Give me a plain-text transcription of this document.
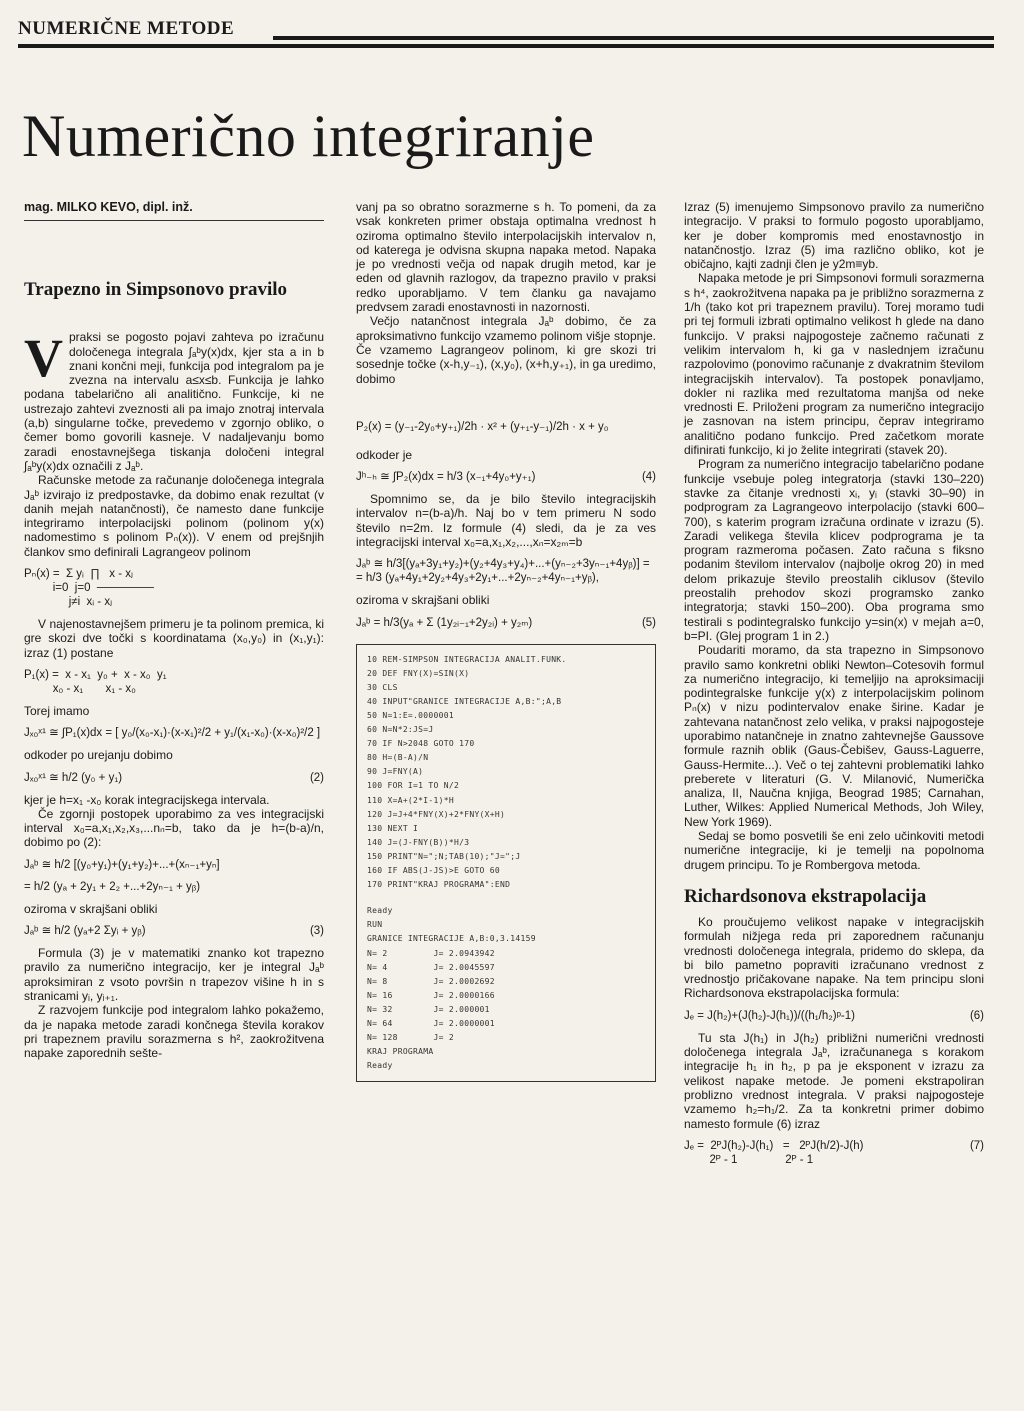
NUMERIČNE METODE
Numerično integriranje
mag. MILKO KEVO, dipl. inž.
Trapezno in Simpsonovo pravilo

Vpraksi se pogosto pojavi zahteva po izračunu določenega integrala ∫ₐᵇy(x)dx, kjer sta a in b znani končni meji, funkcija pod integralom pa je zvezna na intervalu a≤x≤b. Funkcija je lahko podana tabelarično ali analitično. Funkcije, ki ne ustrezajo zahtevi zveznosti ali pa imajo znotraj intervala (a,b) singularne točke, prevedemo v zgornjo obliko, o čemer bomo govorili kasneje. V nadaljevanju bomo zaradi enostavnejšega tiskanja določeni integral ∫ₐᵇy(x)dx označili z Jₐᵇ.

Računske metode za računanje določenega integrala Jₐᵇ izvirajo iz predpostavke, da dobimo enak rezultat (v danih mejah natančnosti), če namesto dane funkcije integriramo interpolacijski polinom (polinom y(x) nadomestimo s polinom Pₙ(x)). V enem od prejšnjih člankov smo definirali Lagrangeov polinom

Pₙ(x) =  Σ yᵢ  ∏   x - xⱼ
i=0  j=0  ───────
j≠i  xᵢ - xⱼ

V najenostavnejšem primeru je ta polinom premica, ki gre skozi dve točki s koordinatama (x₀,y₀) in (x₁,y₁): izraz (1) postane

P₁(x) =  x - x₁  y₀ +  x - x₀  y₁
x₀ - x₁       x₁ - x₀

Torej imamo

Jₓ₀ˣ¹ ≅ ∫P₁(x)dx = [ y₀/(x₀-x₁)·(x-x₁)²/2 + y₁/(x₁-x₀)·(x-x₀)²/2 ]

odkoder po urejanju dobimo

(2)
Jₓ₀ˣ¹ ≅ h/2 (y₀ + y₁)

kjer je h=x₁ -x₀ korak integracijskega intervala.

Če zgornji postopek uporabimo za ves integracijski interval x₀=a,x₁,x₂,x₃,...nₙ=b, tako da je h=(b-a)/n, dobimo po (2):

Jₐᵇ ≅ h/2 [(y₀+y₁)+(y₁+y₂)+...+(xₙ₋₁+yₙ]
= h/2 (yₐ + 2y₁ + 2₂ +...+2yₙ₋₁ + yᵦ)

oziroma v skrajšani obliki

(3)
Jₐᵇ ≅ h/2 (yₐ+2 Σyᵢ + yᵦ)

Formula (3) je v matematiki znanko kot trapezno pravilo za numerično integracijo, ker je integral Jₐᵇ aproksimiran z vsoto površin n trapezov višine h in s stranicami yᵢ, yᵢ₊₁.

Z razvojem funkcije pod integralom lahko pokažemo, da je napaka metode zaradi končnega števila korakov pri trapeznem pravilu sorazmerna s h², zaokrožitvena napake zaporednih sešte-

vanj pa so obratno sorazmerne s h. To pomeni, da za vsak konkreten primer obstaja optimalna vrednost h oziroma optimalno število interpolacijskih intervalov n, od katerega je odvisna skupna napaka metod. Napaka je po vrednosti večja od napak drugih metod, kar je eden od glavnih razlogov, da trapezno pravilo v praksi redko uporabljamo. V tem članku ga navajamo predvsem zaradi enostavnosti in nazornosti.

Večjo natančnost integrala Jₐᵇ dobimo, če za aproksimativno funkcijo vzamemo polinom višje stopnje. Če vzamemo Lagrangeov polinom, ki gre skozi tri sosednje točke (x-h,y₋₁), (x,y₀), (x+h,y₊₁), in ga uredimo, dobimo

P₂(x) = (y₋₁-2y₀+y₊₁)/2h · x² + (y₊₁-y₋₁)/2h · x + y₀

odkoder je

(4)
Jʰ₋ₕ ≅ ∫P₂(x)dx = h/3 (x₋₁+4y₀+y₊₁)

Spomnimo se, da je bilo število integracijskih intervalov n=(b-a)/h. Naj bo v tem primeru N sodo število n=2m. Iz formule (4) sledi, da je za ves integracijski interval x₀=a,x₁,x₂,...,xₙ=x₂ₘ=b

Jₐᵇ ≅ h/3[(yₐ+3y₁+y₂)+(y₂+4y₃+y₄)+...+(yₙ₋₂+3yₙ₋₁+4yᵦ)] =
= h/3 (yₐ+4y₁+2y₂+4y₃+2y₁+...+2yₙ₋₂+4yₙ₋₁+yᵦ),

oziroma v skrajšani obliki

(5)
Jₐᵇ = h/3(yₐ + Σ (1y₂ᵢ₋₁+2y₂ᵢ) + y₂ₘ)
10 REM-SIMPSON INTEGRACIJA ANALIT.FUNK.
20 DEF FNY(X)=SIN(X)
30 CLS
40 INPUT"GRANICE INTEGRACIJE A,B:";A,B
50 N=1:E=.0000001
60 N=N*2:JS=J
70 IF N>2048 GOTO 170
80 H=(B-A)/N
90 J=FNY(A)
100 FOR I=1 TO N/2
110 X=A+(2*I-1)*H
120 J=J+4*FNY(X)+2*FNY(X+H)
130 NEXT I
140 J=(J-FNY(B))*H/3
150 PRINT"N=";N;TAB(10);"J=";J
160 IF ABS(J-JS)>E GOTO 60
170 PRINT"KRAJ PROGRAMA":END
Ready
RUN
GRANICE INTEGRACIJE A,B:0,3.14159
N= 2         J= 2.0943942
N= 4         J= 2.0045597
N= 8         J= 2.0002692
N= 16        J= 2.0000166
N= 32        J= 2.000001
N= 64        J= 2.0000001
N= 128       J= 2
KRAJ PROGRAMA
Ready

Izraz (5) imenujemo Simpsonovo pravilo za numerično integracijo. V praksi to formulo pogosto uporabljamo, ker je dober kompromis med enostavnostjo in natančnostjo. Izraz (5) ima različno obliko, kot je običajno, kajti zadnji člen je y2m≡yb.

Napaka metode je pri Simpsonovi formuli sorazmerna s h⁴, zaokrožitvena napaka pa je približno sorazmerna z 1/h (tako kot pri trapeznem pravilu). Torej moramo tudi pri tej formuli izbrati optimalno velikost h glede na dano funkcijo. V praksi najpogosteje začnemo računati z velikim intervalom h, ki ga v naslednjem izračunu razpolovimo (ponovimo računanje z dvakratnim številom integracijskih intervalov). Ta postopek ponavljamo, dokler ni razlika med rezultatoma manjša od neke vrednosti E. Priloženi program za numerično integracijo je zasnovan na istem principu, čeprav integriramo analitično podano funkcijo. Pred začetkom morate difinirati funkcijo, ki jo želite integrirati (stavek 20).

Program za numerično integracijo tabelarično podane funkcije vsebuje poleg integratorja (stavki 130–220) stavke za čitanje vrednosti xᵢ, yᵢ (stavki 30–90) in podprogram za Lagrangeovo interpolacijo (stavki 600–700), s katerim program izračuna ordinate v izrazu (5). Zaradi velikega števila klicev podprograma je ta program razmeroma počasen. Zato računa s fiksno podanim številom intervalov (najbolje okrog 20) in med delom prikazuje število preostalih ciklusov (število preostalih prehodov skozi programsko zanko integratorja; stavki 150–200). Oba programa smo testirali s podintegralsko funkcijo y=sin(x) v mejah a=0, b=PI. (Glej program 1 in 2.)

Poudariti moramo, da sta trapezno in Simpsonovo pravilo samo konkretni obliki Newton–Cotesovih formul za numerično integracijo, ki temeljijo na aproksimaciji podintegralske funkcije y(x) z interpolacijskim polinom Pₙ(x) v nizu podintervalov enake širine. Kadar je zahtevana natančnost zelo velika, v praksi najpogosteje uporabimo natančneje in znatno zahtevnejše Gaussove formule raznih oblik (Gaus-Čebišev, Gauss-Laguerre, Gauss-Hermite...). Več o tej zahtevni problematiki lahko preberete v literaturi (G. V. Milanović, Numerička analiza, II, Naučna knjiga, Beograd 1985; Carnahan, Luther, Wilkes: Applied Numerical Methods, Joh Wiley, New York 1969).

Sedaj se bomo posvetili še eni zelo učinkoviti metodi numerične integracije, ki je temelji na popolnoma drugem principu. To je Rombergova metoda.

Richardsonova ekstrapolacija

Ko proučujemo velikost napake v integracijskih formulah nižjega reda pri zaporednem računanju vrednosti določenega integrala, pridemo do sklepa, da bi bilo pametno popraviti izračunano vrednost z vrednostjo pričakovane napake. Na tem principu sloni Richardsonova ekstrapolacijska formula:

(6)
Jₑ = J(h₂)+(J(h₂)-J(h₁))/((h₁/h₂)ᵖ-1)

Tu sta J(h₁) in J(h₂) približni numerični vrednosti določenega integrala Jₐᵇ, izračunanega s korakom integracije h₁ in h₂, p pa je eksponent v izrazu za velikost napake metode. Je pomeni ekstrapoliran problizno vrednost integrala. V praksi najpogosteje vzamemo h₂=h₁/2. Za ta konkretni primer dobimo namesto formule (6) izraz

(7)
Jₑ =  2ᴾJ(h₂)-J(h₁)   =   2ᴾJ(h/2)-J(h)
2ᴾ - 1               2ᴾ - 1
